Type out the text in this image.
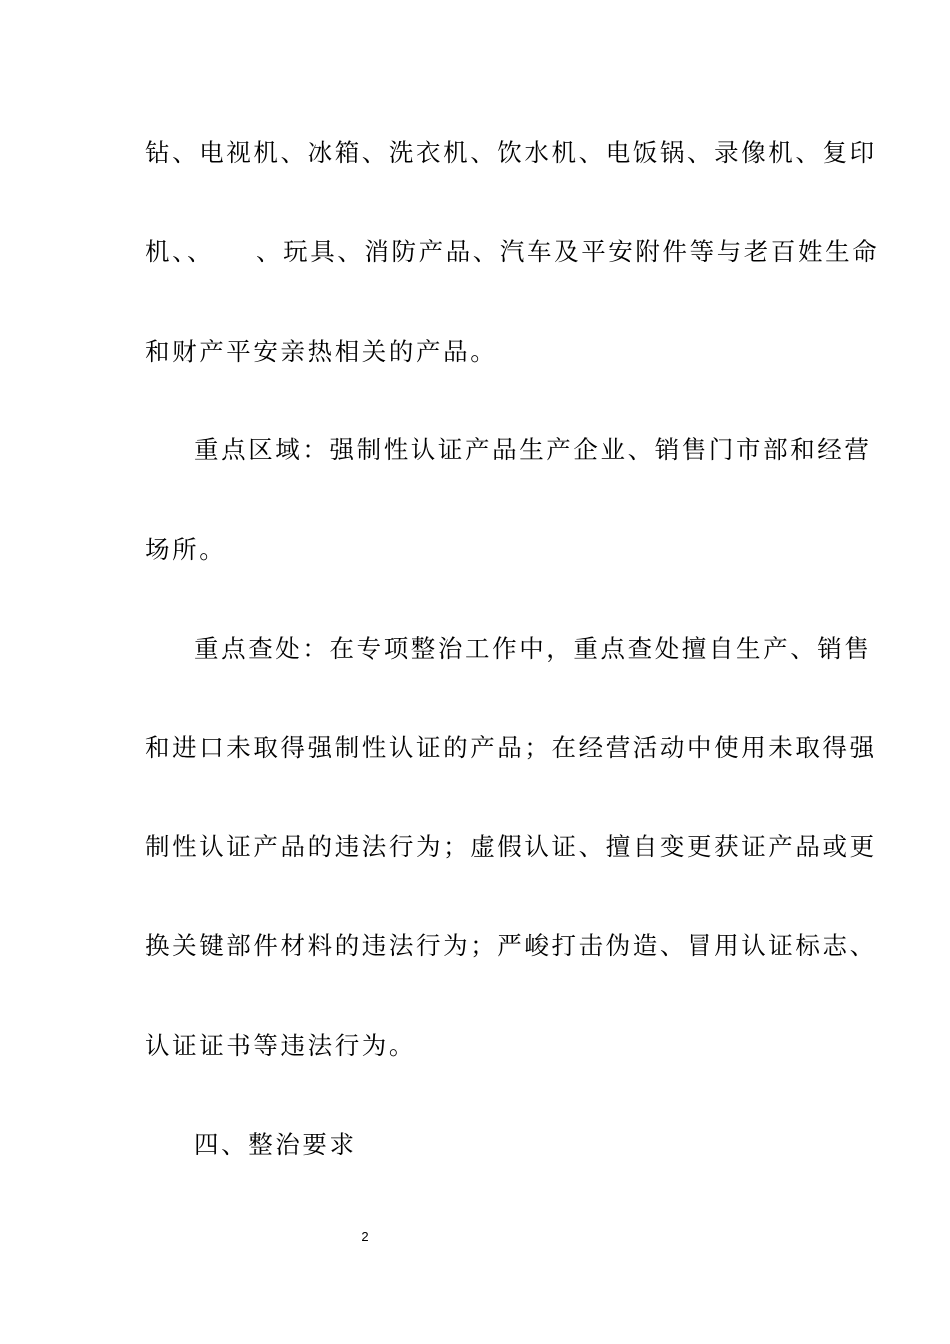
钻、电视机、冰箱、洗衣机、饮水机、电饭锅、录像机、复印
机、、　　、玩具、消防产品、汽车及平安附件等与老百姓生命
和财产平安亲热相关的产品。
重点区域：强制性认证产品生产企业、销售门市部和经营
场所。
重点查处：在专项整治工作中，重点查处擅自生产、销售
和进口未取得强制性认证的产品；在经营活动中使用未取得强
制性认证产品的违法行为；虚假认证、擅自变更获证产品或更
换关键部件材料的违法行为；严峻打击伪造、冒用认证标志、
认证证书等违法行为。
四、整治要求
2
